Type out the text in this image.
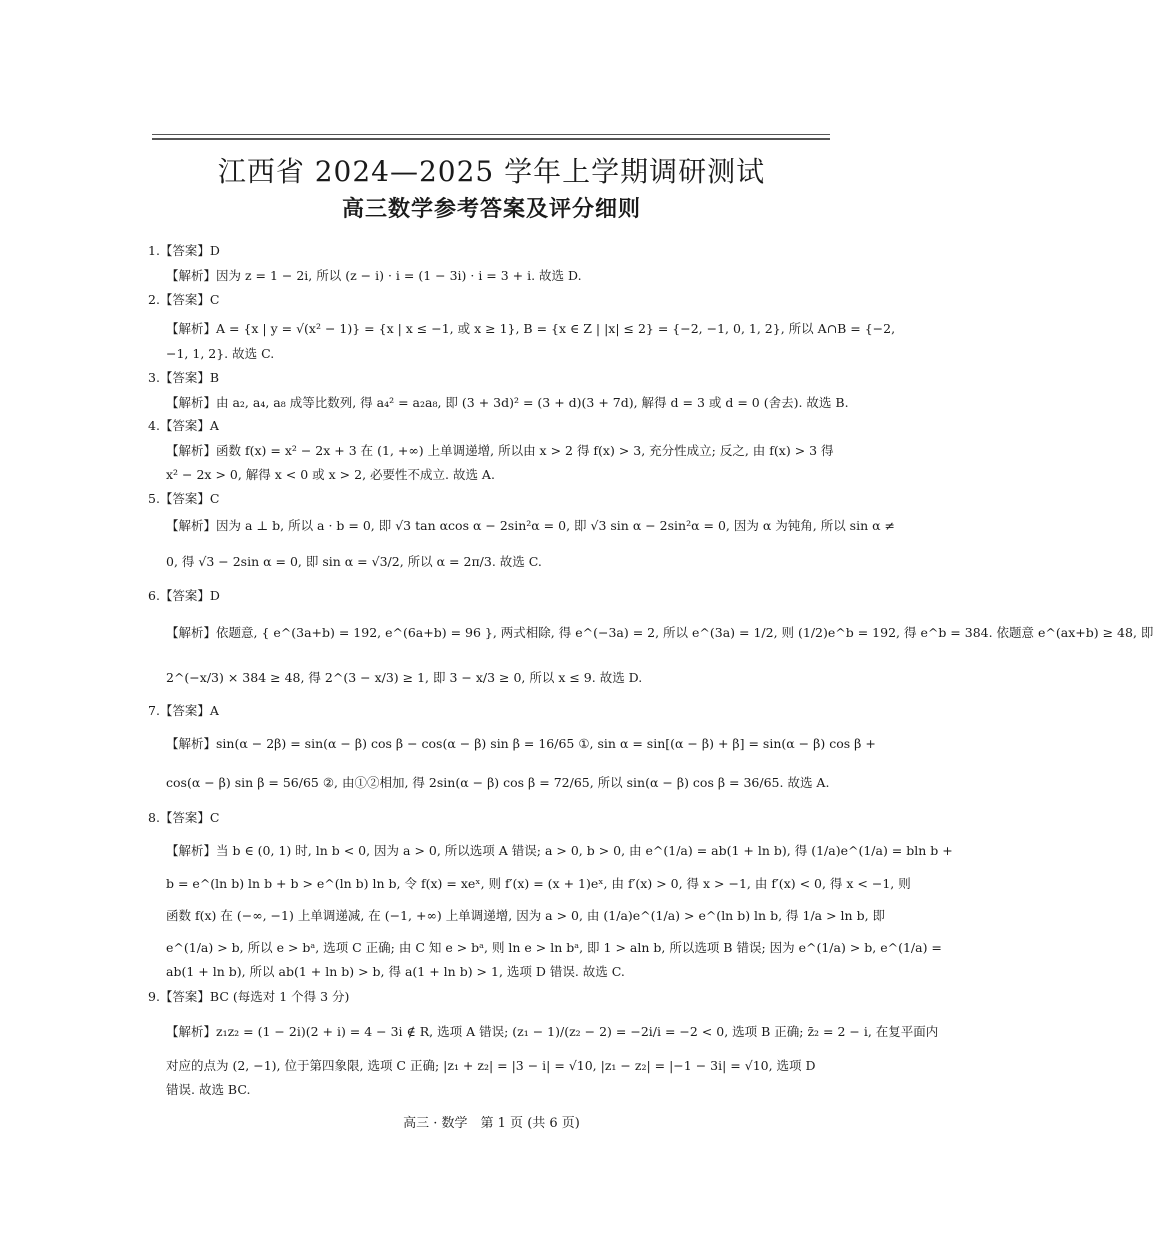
江西省 2024—2025 学年上学期调研测试
高三数学参考答案及评分细则
1.【答案】D
【解析】因为 z = 1 − 2i, 所以 (z − i) · i = (1 − 3i) · i = 3 + i. 故选 D.
2.【答案】C
【解析】A = {x | y = √(x² − 1)} = {x | x ≤ −1, 或 x ≥ 1}, B = {x ∈ Z | |x| ≤ 2} = {−2, −1, 0, 1, 2}, 所以 A∩B = {−2,
−1, 1, 2}. 故选 C.
3.【答案】B
【解析】由 a₂, a₄, a₈ 成等比数列, 得 a₄² = a₂a₈, 即 (3 + 3d)² = (3 + d)(3 + 7d), 解得 d = 3 或 d = 0 (舍去). 故选 B.
4.【答案】A
【解析】函数 f(x) = x² − 2x + 3 在 (1, +∞) 上单调递增, 所以由 x > 2 得 f(x) > 3, 充分性成立; 反之, 由 f(x) > 3 得
x² − 2x > 0, 解得 x < 0 或 x > 2, 必要性不成立. 故选 A.
5.【答案】C
【解析】因为 a ⊥ b, 所以 a · b = 0, 即 √3 tan αcos α − 2sin²α = 0, 即 √3 sin α − 2sin²α = 0, 因为 α 为钝角, 所以 sin α ≠
0, 得 √3 − 2sin α = 0, 即 sin α = √3/2, 所以 α = 2π/3. 故选 C.
6.【答案】D
【解析】依题意, { e^(3a+b) = 192, e^(6a+b) = 96 }, 两式相除, 得 e^(−3a) = 2, 所以 e^(3a) = 1/2, 则 (1/2)e^b = 192, 得 e^b = 384. 依题意 e^(ax+b) ≥ 48, 即
2^(−x/3) × 384 ≥ 48, 得 2^(3 − x/3) ≥ 1, 即 3 − x/3 ≥ 0, 所以 x ≤ 9. 故选 D.
7.【答案】A
【解析】sin(α − 2β) = sin(α − β) cos β − cos(α − β) sin β = 16/65 ①, sin α = sin[(α − β) + β] = sin(α − β) cos β +
cos(α − β) sin β = 56/65 ②, 由①②相加, 得 2sin(α − β) cos β = 72/65, 所以 sin(α − β) cos β = 36/65. 故选 A.
8.【答案】C
【解析】当 b ∈ (0, 1) 时, ln b < 0, 因为 a > 0, 所以选项 A 错误; a > 0, b > 0, 由 e^(1/a) = ab(1 + ln b), 得 (1/a)e^(1/a) = bln b +
b = e^(ln b) ln b + b > e^(ln b) ln b, 令 f(x) = xeˣ, 则 f′(x) = (x + 1)eˣ, 由 f′(x) > 0, 得 x > −1, 由 f′(x) < 0, 得 x < −1, 则
函数 f(x) 在 (−∞, −1) 上单调递减, 在 (−1, +∞) 上单调递增, 因为 a > 0, 由 (1/a)e^(1/a) > e^(ln b) ln b, 得 1/a > ln b, 即
e^(1/a) > b, 所以 e > bᵃ, 选项 C 正确; 由 C 知 e > bᵃ, 则 ln e > ln bᵃ, 即 1 > aln b, 所以选项 B 错误; 因为 e^(1/a) > b, e^(1/a) =
ab(1 + ln b), 所以 ab(1 + ln b) > b, 得 a(1 + ln b) > 1, 选项 D 错误. 故选 C.
9.【答案】BC (每选对 1 个得 3 分)
【解析】z₁z₂ = (1 − 2i)(2 + i) = 4 − 3i ∉ R, 选项 A 错误; (z₁ − 1)/(z₂ − 2) = −2i/i = −2 < 0, 选项 B 正确; z̄₂ = 2 − i, 在复平面内
对应的点为 (2, −1), 位于第四象限, 选项 C 正确; |z₁ + z₂| = |3 − i| = √10, |z₁ − z₂| = |−1 − 3i| = √10, 选项 D
错误. 故选 BC.
高三 · 数学　第 1 页 (共 6 页)
